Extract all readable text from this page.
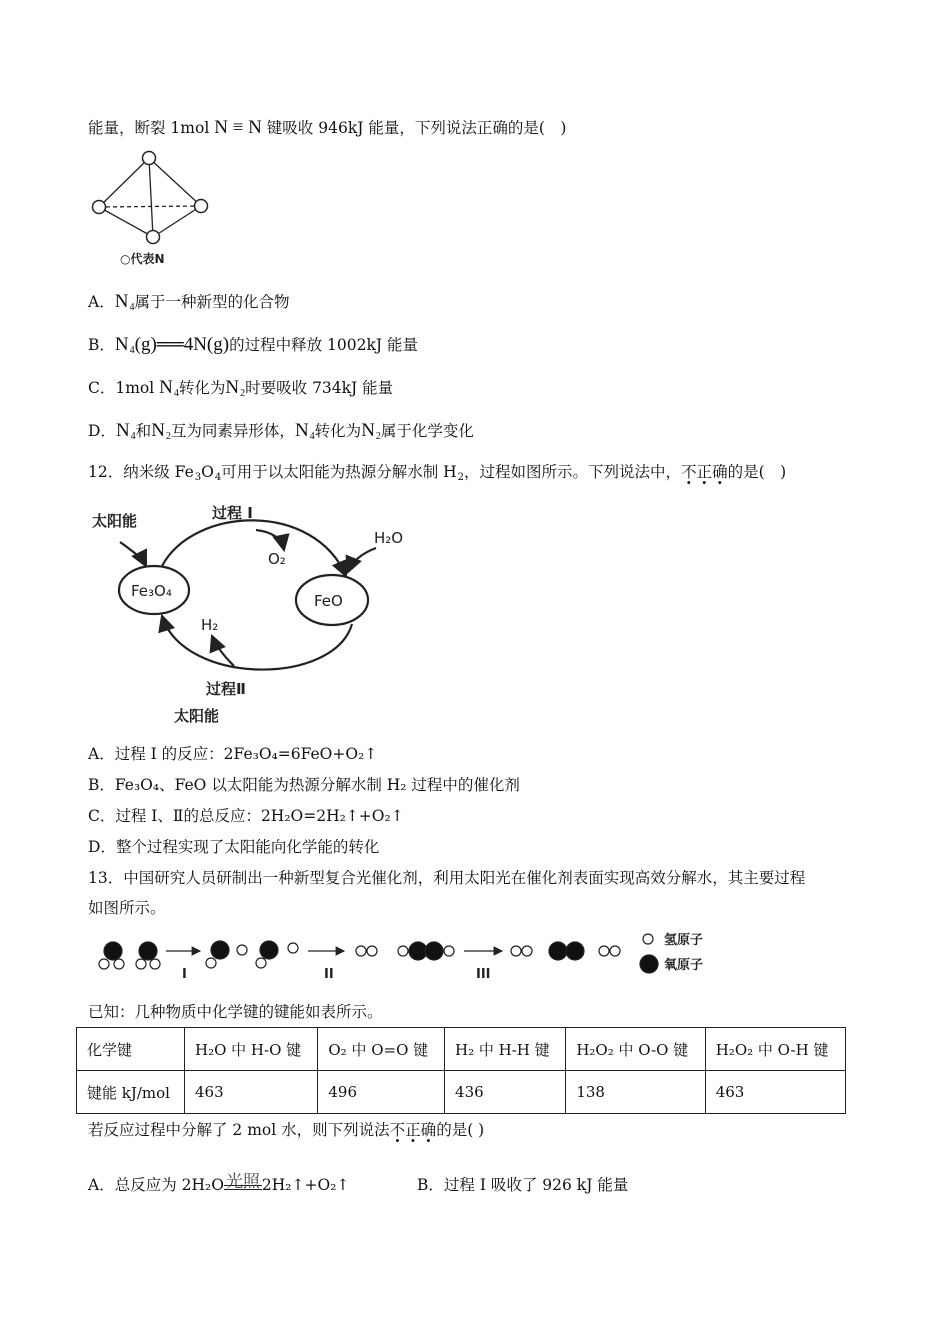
能量，断裂 1mol N ≡ N 键吸收 946kJ 能量，下列说法正确的是(　)
○代表N
A．$N_4$属于一种新型的化合物
B．$N_4(g)══4N(g)$的过程中释放 1002kJ 能量
C．1mol $N_4$转化为$N_2$时要吸收 734kJ 能量
D．$N_4$和$N_2$互为同素异形体，$N_4$转化为$N_2$属于化学变化
12．纳米级 $Fe_3O_4$可用于以太阳能为热源分解水制 $H_2$，过程如图所示。下列说法中，不正确的是(　)
太阳能	过程 I
O₂
H₂O
Fe₃O₄
FeO
H₂
过程Ⅱ
太阳能
A．过程 I 的反应：2Fe₃O₄=6FeO+O₂↑
B．Fe₃O₄、FeO 以太阳能为热源分解水制 H₂ 过程中的催化剂
C．过程 I、Ⅱ的总反应：2H₂O=2H₂↑+O₂↑
D．整个过程实现了太阳能向化学能的转化
13．中国研究人员研制出一种新型复合光催化剂，利用太阳光在催化剂表面实现高效分解水，其主要过程
如图所示。
I	II	III
氢原子
氧原子
已知：几种物质中化学键的键能如表所示。
化学键	H₂O 中 H-O 键	O₂ 中 O=O 键	H₂ 中 H-H 键	H₂O₂ 中 O-O 键	H₂O₂ 中 O-H 键
键能 kJ/mol	463	496	436	138	463
若反应过程中分解了 2 mol 水，则下列说法不正确的是( )
A．总反应为 2H₂O 光照 2H₂↑+O₂↑	B．过程 I 吸收了 926 kJ 能量
